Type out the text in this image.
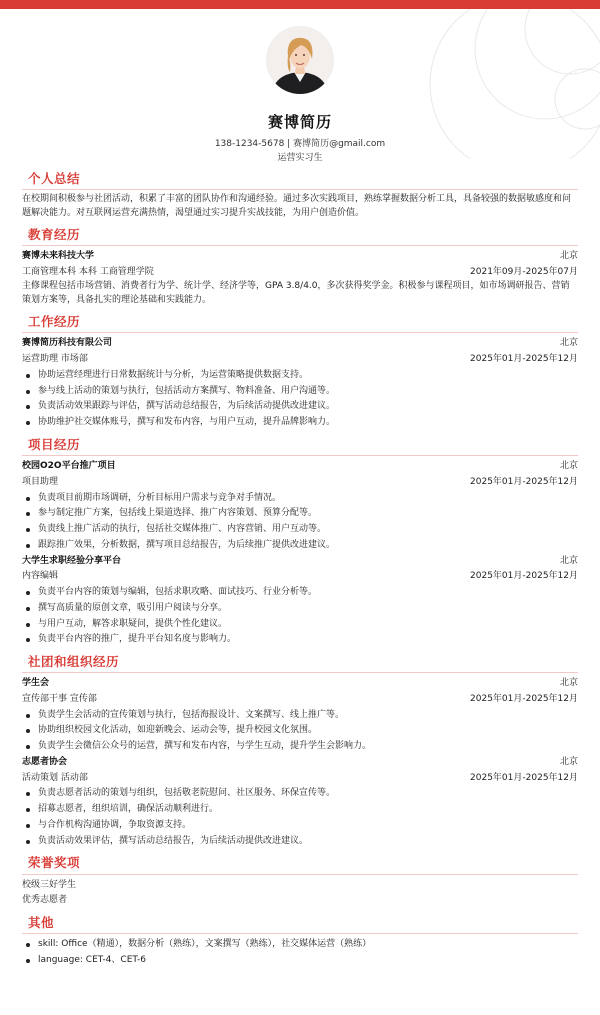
赛博简历
138-1234-5678 | 赛博简历@gmail.com
运营实习生
个人总结
在校期间积极参与社团活动，积累了丰富的团队协作和沟通经验。通过多次实践项目，熟练掌握数据分析工具，具备较强的数据敏感度和问题解决能力。对互联网运营充满热情，渴望通过实习提升实战技能，为用户创造价值。
教育经历
赛博未来科技大学	北京
工商管理本科 本科 工商管理学院	2021年09月-2025年07月
主修课程包括市场营销、消费者行为学、统计学、经济学等，GPA 3.8/4.0，多次获得奖学金。积极参与课程项目，如市场调研报告、营销策划方案等，具备扎实的理论基础和实践能力。
工作经历
赛博简历科技有限公司	北京
运营助理 市场部	2025年01月-2025年12月
协助运营经理进行日常数据统计与分析，为运营策略提供数据支持。
参与线上活动的策划与执行，包括活动方案撰写、物料准备、用户沟通等。
负责活动效果跟踪与评估，撰写活动总结报告，为后续活动提供改进建议。
协助维护社交媒体账号，撰写和发布内容，与用户互动，提升品牌影响力。
项目经历
校园O2O平台推广项目	北京
项目助理	2025年01月-2025年12月
负责项目前期市场调研，分析目标用户需求与竞争对手情况。
参与制定推广方案，包括线上渠道选择、推广内容策划、预算分配等。
负责线上推广活动的执行，包括社交媒体推广、内容营销、用户互动等。
跟踪推广效果，分析数据，撰写项目总结报告，为后续推广提供改进建议。
大学生求职经验分享平台	北京
内容编辑	2025年01月-2025年12月
负责平台内容的策划与编辑，包括求职攻略、面试技巧、行业分析等。
撰写高质量的原创文章，吸引用户阅读与分享。
与用户互动，解答求职疑问，提供个性化建议。
负责平台内容的推广，提升平台知名度与影响力。
社团和组织经历
学生会	北京
宣传部干事 宣传部	2025年01月-2025年12月
负责学生会活动的宣传策划与执行，包括海报设计、文案撰写、线上推广等。
协助组织校园文化活动，如迎新晚会、运动会等，提升校园文化氛围。
负责学生会微信公众号的运营，撰写和发布内容，与学生互动，提升学生会影响力。
志愿者协会	北京
活动策划 活动部	2025年01月-2025年12月
负责志愿者活动的策划与组织，包括敬老院慰问、社区服务、环保宣传等。
招募志愿者，组织培训，确保活动顺利进行。
与合作机构沟通协调，争取资源支持。
负责活动效果评估，撰写活动总结报告，为后续活动提供改进建议。
荣誉奖项
校级三好学生
优秀志愿者
其他
skill: Office（精通），数据分析（熟练），文案撰写（熟练），社交媒体运营（熟练）
language: CET-4、CET-6
